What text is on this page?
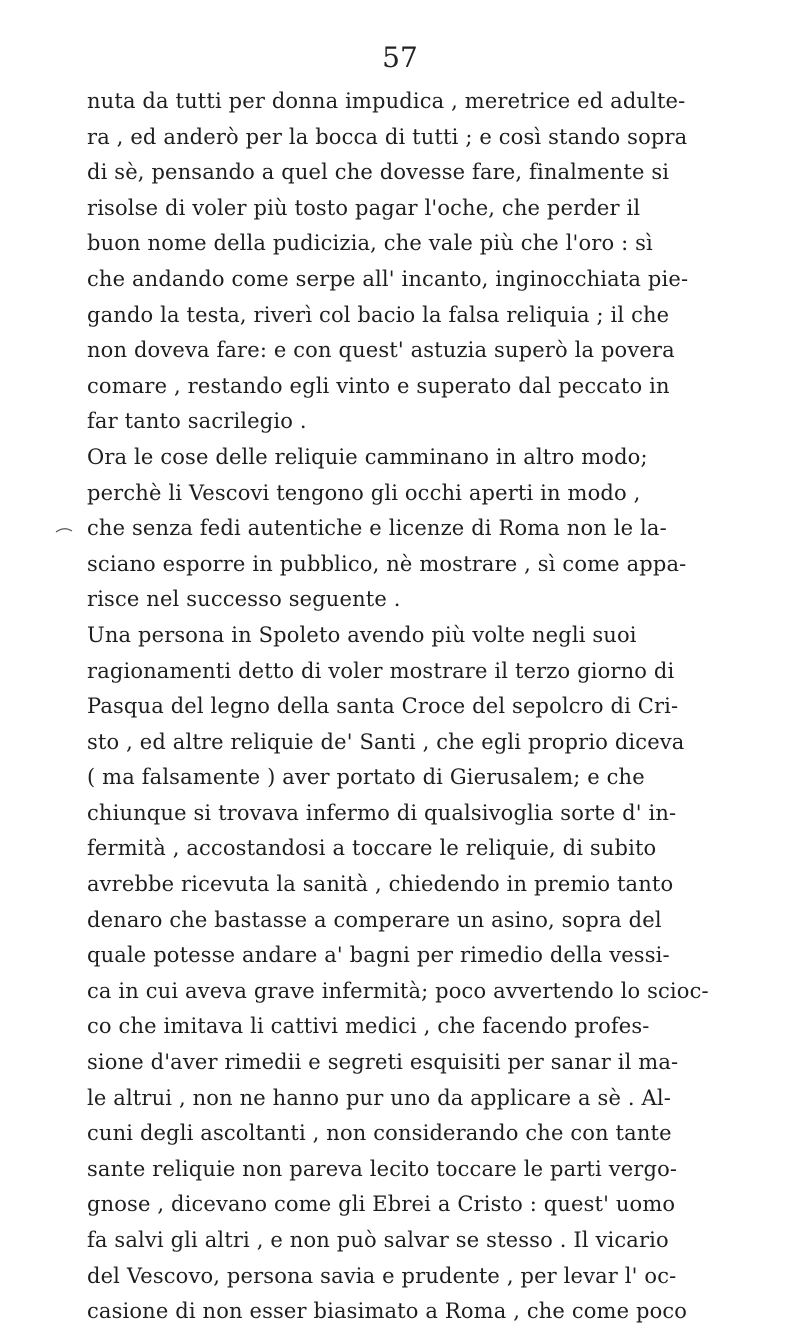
57
nuta da tutti per donna impudica , meretrice ed adulte-
ra , ed anderò per la bocca di tutti ; e così stando sopra
di sè, pensando a quel che dovesse fare, finalmente si
risolse di voler più tosto pagar l'oche, che perder il
buon nome della pudicizia, che vale più che l'oro : sì
che andando come serpe all' incanto, inginocchiata pie-
gando la testa, riverì col bacio la falsa reliquia ; il che
non doveva fare: e con quest' astuzia superò la povera
comare , restando egli vinto e superato dal peccato in
far tanto sacrilegio .
Ora le cose delle reliquie camminano in altro modo;
perchè li Vescovi tengono gli occhi aperti in modo ,
che senza fedi autentiche e licenze di Roma non le la-
sciano esporre in pubblico, nè mostrare , sì come appa-
risce nel successo seguente .
Una persona in Spoleto avendo più volte negli suoi
ragionamenti detto di voler mostrare il terzo giorno di
Pasqua del legno della santa Croce del sepolcro di Cri-
sto , ed altre reliquie de' Santi , che egli proprio diceva
( ma falsamente ) aver portato di Gierusalem; e che
chiunque si trovava infermo di qualsivoglia sorte d' in-
fermità , accostandosi a toccare le reliquie, di subito
avrebbe ricevuta la sanità , chiedendo in premio tanto
denaro che bastasse a comperare un asino, sopra del
quale potesse andare a' bagni per rimedio della vessi-
ca in cui aveva grave infermità; poco avvertendo lo scioc-
co che imitava li cattivi medici , che facendo profes-
sione d'aver rimedii e segreti esquisiti per sanar il ma-
le altrui , non ne hanno pur uno da applicare a sè . Al-
cuni degli ascoltanti , non considerando che con tante
sante reliquie non pareva lecito toccare le parti vergo-
gnose , dicevano come gli Ebrei a Cristo : quest' uomo
fa salvi gli altri , e non può salvar se stesso . Il vicario
del Vescovo, persona savia e prudente , per levar l' oc-
casione di non esser biasimato a Roma , che come poco
